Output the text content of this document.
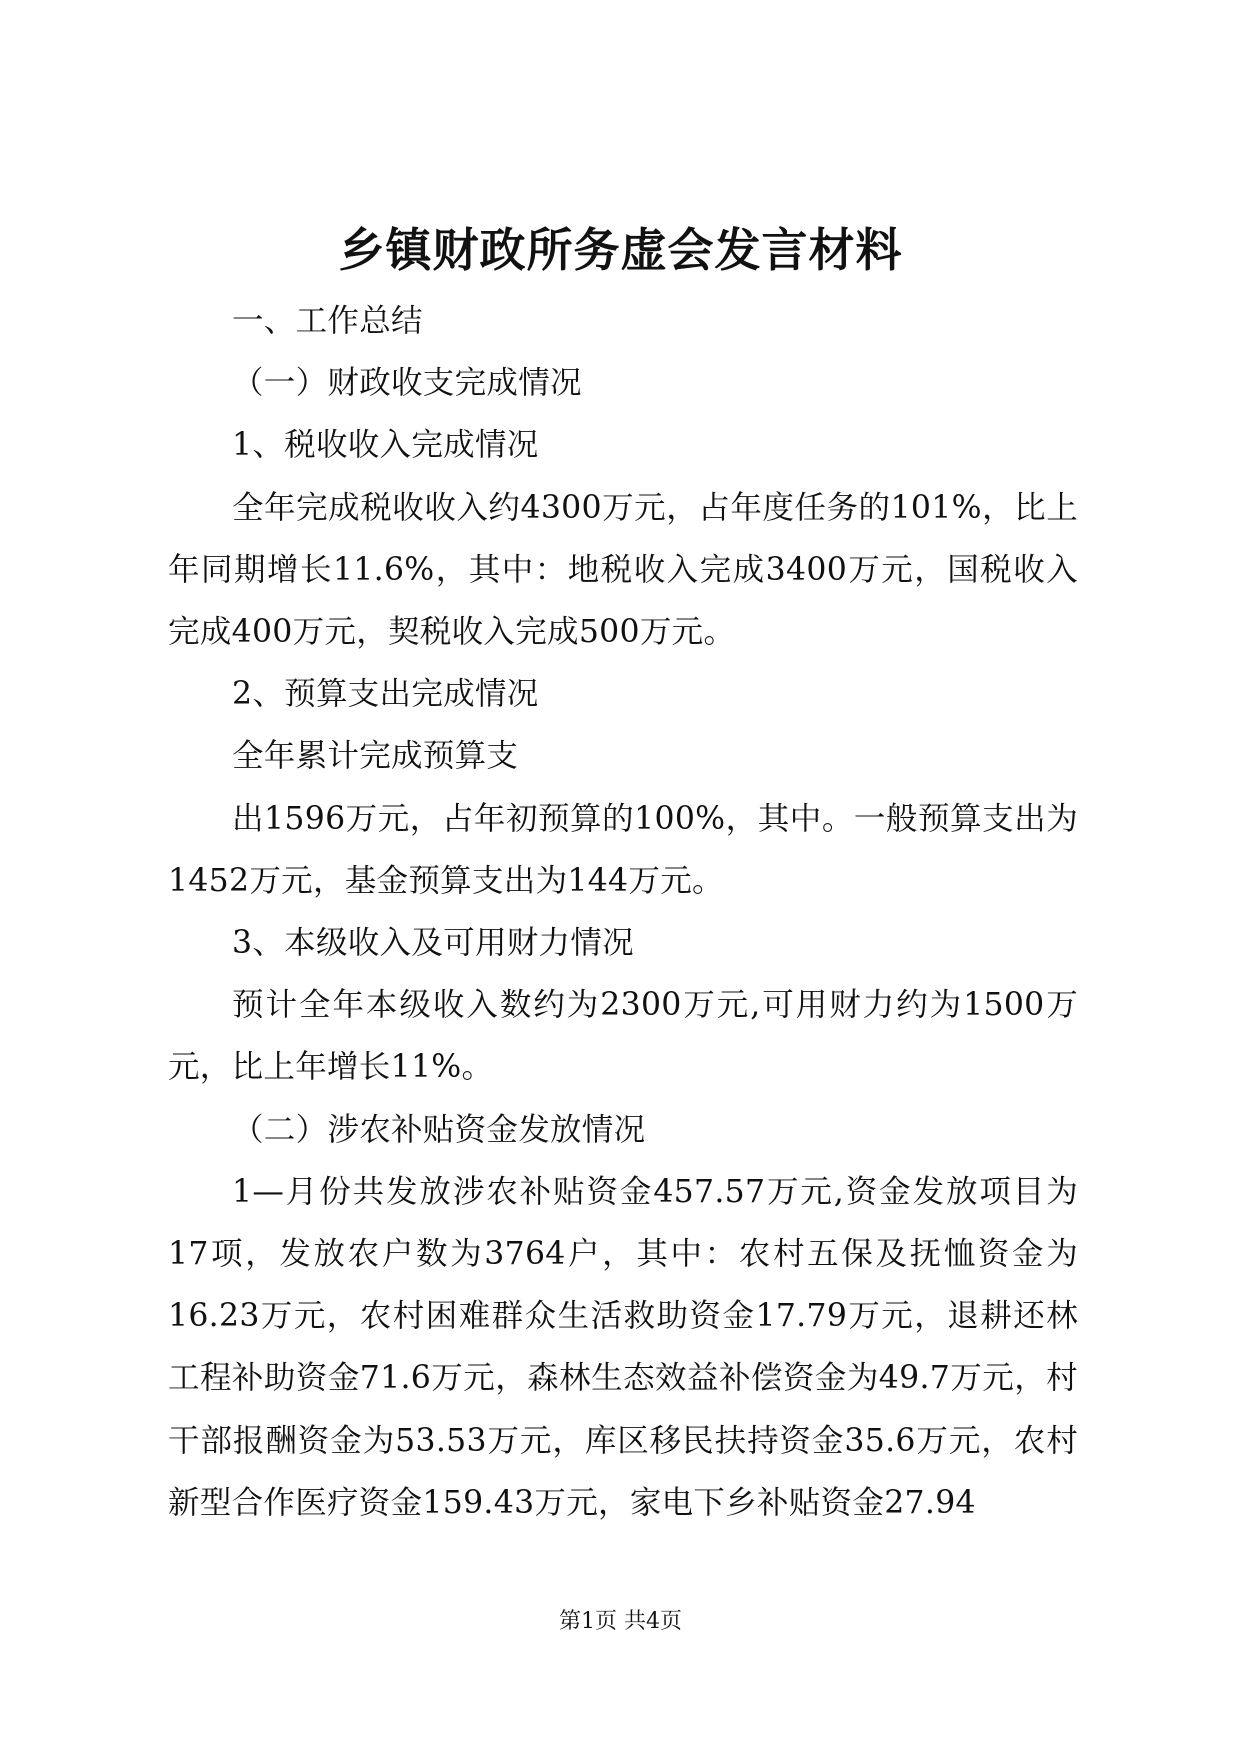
乡镇财政所务虚会发言材料

一、工作总结

（一）财政收支完成情况

1、税收收入完成情况

全年完成税收收入约4300万元，占年度任务的101%，比上年同期增长11.6%，其中：地税收入完成3400万元，国税收入完成400万元，契税收入完成500万元。

2、预算支出完成情况

全年累计完成预算支

出1596万元，占年初预算的100%，其中。一般预算支出为1452万元，基金预算支出为144万元。

3、本级收入及可用财力情况

预计全年本级收入数约为2300万元,可用财力约为1500万元，比上年增长11%。

（二）涉农补贴资金发放情况

1—月份共发放涉农补贴资金457.57万元,资金发放项目为17项，发放农户数为3764户，其中：农村五保及抚恤资金为16.23万元，农村困难群众生活救助资金17.79万元，退耕还林工程补助资金71.6万元，森林生态效益补偿资金为49.7万元，村干部报酬资金为53.53万元，库区移民扶持资金35.6万元，农村新型合作医疗资金159.43万元，家电下乡补贴资金27.94

第1页 共4页
